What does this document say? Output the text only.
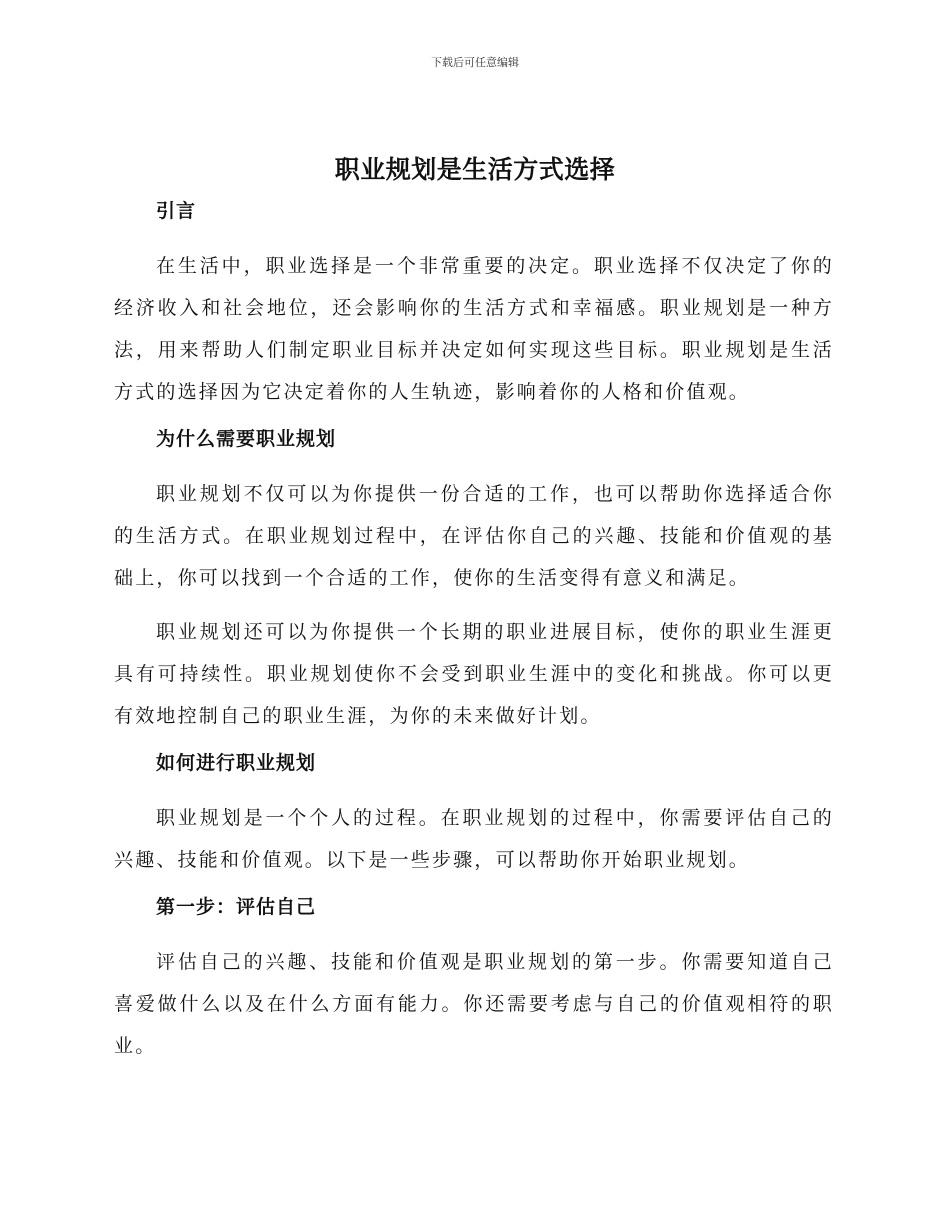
下载后可任意编辑
职业规划是生活方式选择
引言

在生活中，职业选择是一个非常重要的决定。职业选择不仅决定了你的经济收入和社会地位，还会影响你的生活方式和幸福感。职业规划是一种方法，用来帮助人们制定职业目标并决定如何实现这些目标。职业规划是生活方式的选择因为它决定着你的人生轨迹，影响着你的人格和价值观。

为什么需要职业规划

职业规划不仅可以为你提供一份合适的工作，也可以帮助你选择适合你的生活方式。在职业规划过程中，在评估你自己的兴趣、技能和价值观的基础上，你可以找到一个合适的工作，使你的生活变得有意义和满足。

职业规划还可以为你提供一个长期的职业进展目标，使你的职业生涯更具有可持续性。职业规划使你不会受到职业生涯中的变化和挑战。你可以更有效地控制自己的职业生涯，为你的未来做好计划。

如何进行职业规划

职业规划是一个个人的过程。在职业规划的过程中，你需要评估自己的兴趣、技能和价值观。以下是一些步骤，可以帮助你开始职业规划。

第一步：评估自己

评估自己的兴趣、技能和价值观是职业规划的第一步。你需要知道自己喜爱做什么以及在什么方面有能力。你还需要考虑与自己的价值观相符的职业。
